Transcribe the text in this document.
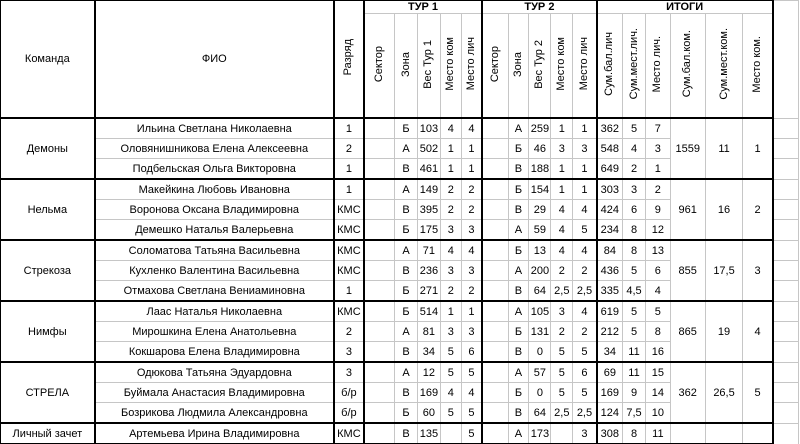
Команда	ФИО	Разряд	ТУР 1					ТУР 2					ИТОГИ						
			Сектор	Зона	Вес Тур 1	Место ком	Место лич	Сектор	Зона	Вес Тур 2	Место ком	Место лич	Сум.бал.лич	Сум.мест.лич.	Место лич.	Сум.бал.ком.	Сум.мест.ком.	Место ком.	
Демоны	Ильина Светлана Николаевна	1		Б	103	4	4		А	259	1	1	362	5	7	1559	11	1	
	Оловянишникова Елена Алексеевна	2		А	502	1	1		Б	46	3	3	548	4	3				
	Подбельская Ольга Викторовна	1		В	461	1	1		В	188	1	1	649	2	1				
Нельма	Макейкина Любовь Ивановна	1		А	149	2	2		Б	154	1	1	303	3	2	961	16	2	
	Воронова Оксана Владимировна	КМС		В	395	2	2		В	29	4	4	424	6	9				
	Демешко Наталья Валерьевна	КМС		Б	175	3	3		А	59	4	5	234	8	12				
Стрекоза	Соломатова Татьяна Васильевна	КМС		А	71	4	4		Б	13	4	4	84	8	13	855	17,5	3	
	Кухленко Валентина Васильевна	КМС		В	236	3	3		А	200	2	2	436	5	6				
	Отмахова Светлана Вениаминовна	1		Б	271	2	2		В	64	2,5	2,5	335	4,5	4				
Нимфы	Лаас Наталья Николаевна	КМС		Б	514	1	1		А	105	3	4	619	5	5	865	19	4	
	Мирошкина Елена Анатольевна	2		А	81	3	3		Б	131	2	2	212	5	8				
	Кокшарова Елена Владимировна	3		В	34	5	6		В	0	5	5	34	11	16				
СТРЕЛА	Одюкова Татьяна Эдуардовна	3		А	12	5	5		А	57	5	6	69	11	15	362	26,5	5	
	Буймала Анастасия Владимировна	б/р		В	169	4	4		Б	0	5	5	169	9	14				
	Бозрикова Людмила Александровна	б/р		Б	60	5	5		В	64	2,5	2,5	124	7,5	10				
Личный зачет	Артемьева Ирина Владимировна	КМС		В	135		5		А	173		3	308	8	11				
